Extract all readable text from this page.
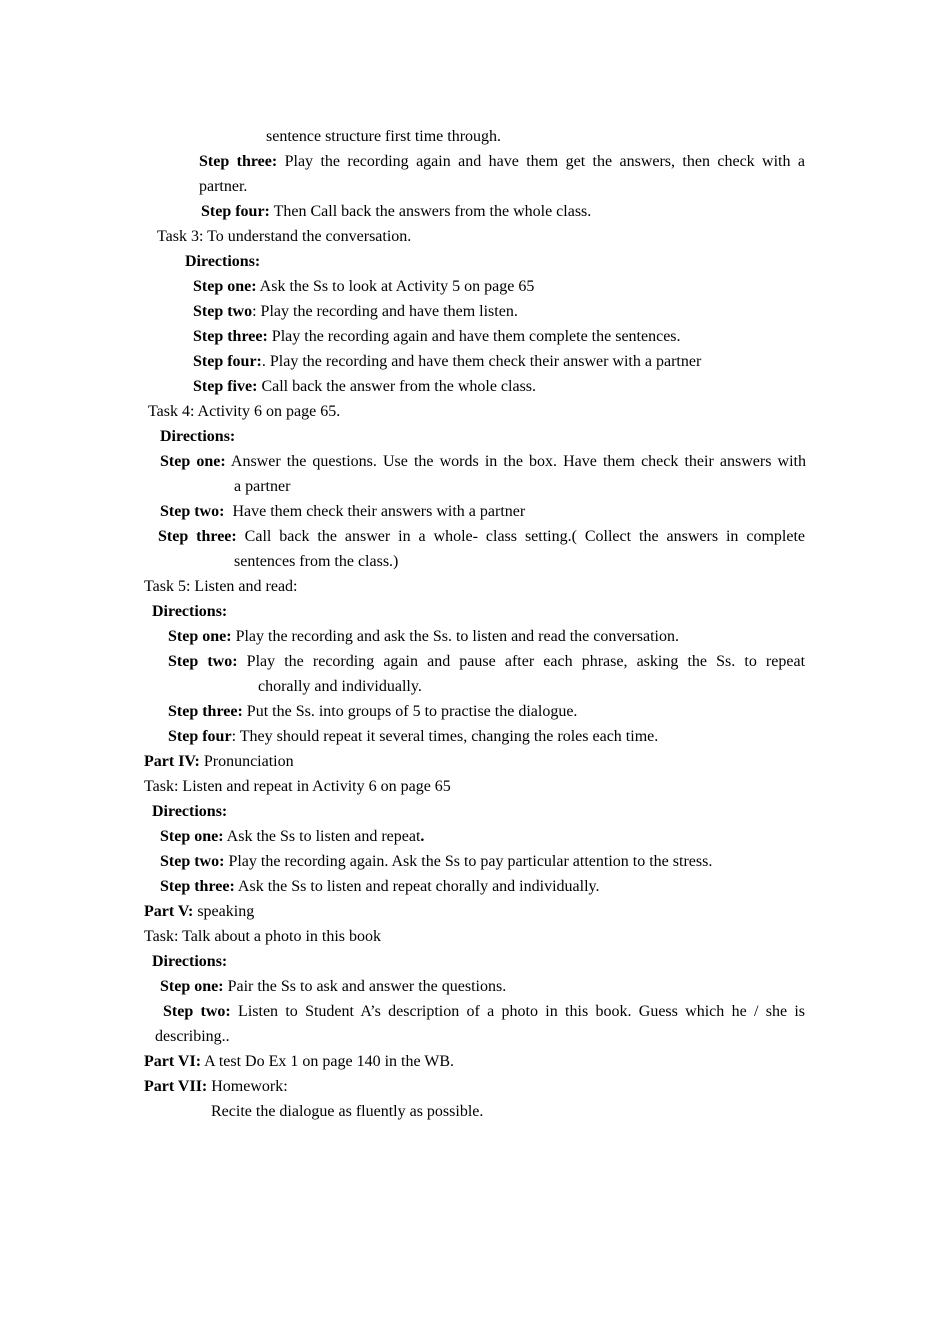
sentence structure first time through.
Step three: Play the recording again and have them get the answers, then check with a partner.
Step four: Then Call back the answers from the whole class.
Task 3: To understand the conversation.
Directions:
Step one: Ask the Ss to look at Activity 5 on page 65
Step two: Play the recording and have them listen.
Step three: Play the recording again and have them complete the sentences.
Step four:. Play the recording and have them check their answer with a partner
Step five: Call back the answer from the whole class.
Task 4: Activity 6 on page 65.
Directions:
Step one: Answer the questions. Use the words in the box. Have them check their answers with
a partner
Step two:  Have them check their answers with a partner
Step three: Call back the answer in a whole- class setting.( Collect the answers in complete
sentences from the class.)
Task 5: Listen and read:
Directions:
Step one: Play the recording and ask the Ss. to listen and read the conversation.
Step two: Play the recording again and pause after each phrase, asking the Ss. to repeat
chorally and individually.
Step three: Put the Ss. into groups of 5 to practise the dialogue.
Step four: They should repeat it several times, changing the roles each time.
Part IV: Pronunciation
Task: Listen and repeat in Activity 6 on page 65
Directions:
Step one: Ask the Ss to listen and repeat.
Step two: Play the recording again. Ask the Ss to pay particular attention to the stress.
Step three: Ask the Ss to listen and repeat chorally and individually.
Part V: speaking
Task: Talk about a photo in this book
Directions:
Step one: Pair the Ss to ask and answer the questions.
Step two: Listen to Student A’s description of a photo in this book. Guess which he / she is describing..
Part VI: A test Do Ex 1 on page 140 in the WB.
Part VII: Homework:
Recite the dialogue as fluently as possible.
